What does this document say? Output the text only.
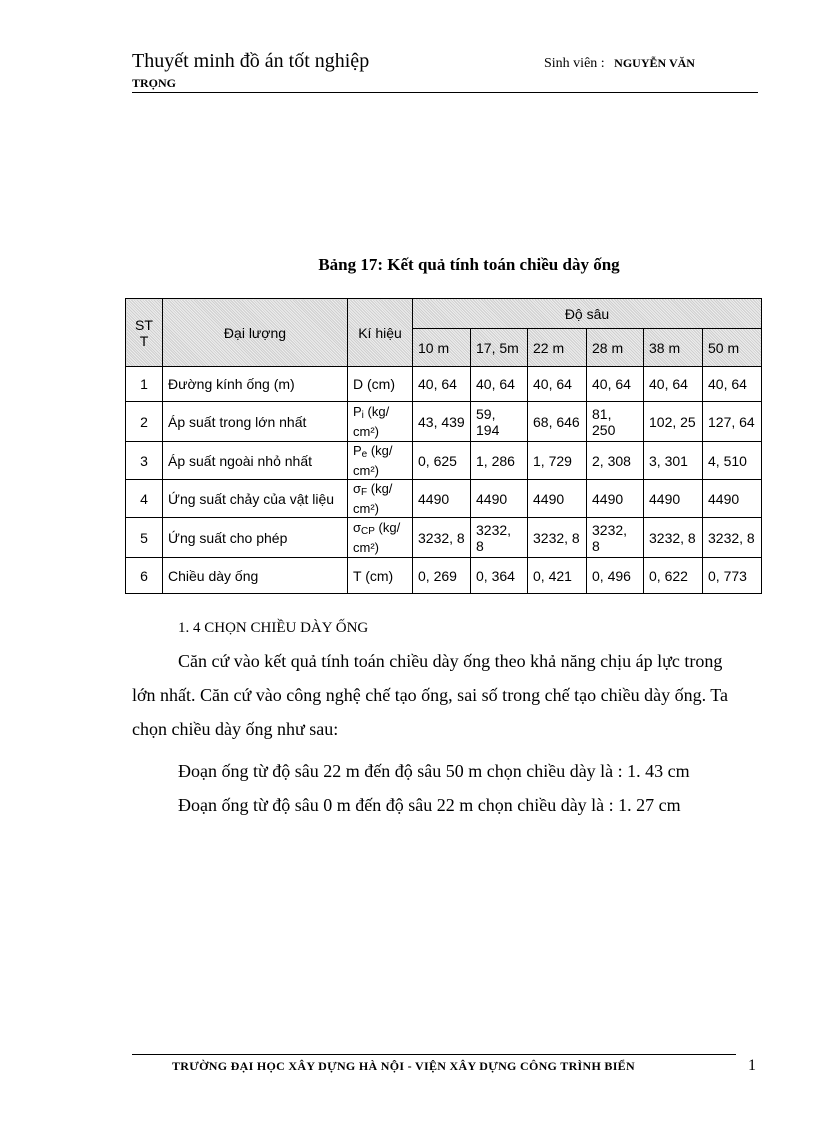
Thuyết minh đồ án tốt nghiệp
TRỌNG
Sinh viên : NGUYỄN VĂN
Bảng 17: Kết quả tính toán chiều dày ống
ST
T	Đại lượng	Kí hiệu	Độ sâu					
			10 m	17, 5m	22 m	28 m	38 m	50 m
1	Đường kính ống (m)	D (cm)	40, 64	40, 64	40, 64	40, 64	40, 64	40, 64
2	Áp suất trong lớn nhất	$P_i$ (kg/ cm²)	43, 439	59, 194	68, 646	81, 250	102, 25	127, 64
3	Áp suất ngoài nhỏ nhất	$P_e$ (kg/ cm²)	0, 625	1, 286	1, 729	2, 308	3, 301	4, 510
4	Ứng suất chảy của vật liệu	$\sigma_F$ (kg/ cm²)	4490	4490	4490	4490	4490	4490
5	Ứng suất cho phép	$\sigma_{CP}$ (kg/ cm²)	3232, 8	3232, 8	3232, 8	3232, 8	3232, 8	3232, 8
6	Chiều dày ống	T (cm)	0, 269	0, 364	0, 421	0, 496	0, 622	0, 773
1. 4 CHỌN CHIỀU DÀY ỐNG
Căn cứ vào kết quả tính toán chiều dày ống theo khả năng chịu áp lực trong
lớn nhất. Căn cứ vào công nghệ chế tạo ống, sai số trong chế tạo chiều dày ống. Ta
chọn chiều dày ống như sau:
Đoạn ống từ độ sâu 22 m đến độ sâu 50 m chọn chiều dày là : 1. 43 cm
Đoạn ống từ độ sâu 0 m đến độ sâu 22 m chọn chiều dày là : 1. 27 cm
TRƯỜNG ĐẠI HỌC XÂY DỰNG HÀ NỘI - VIỆN XÂY DỰNG CÔNG TRÌNH BIỂN	1
